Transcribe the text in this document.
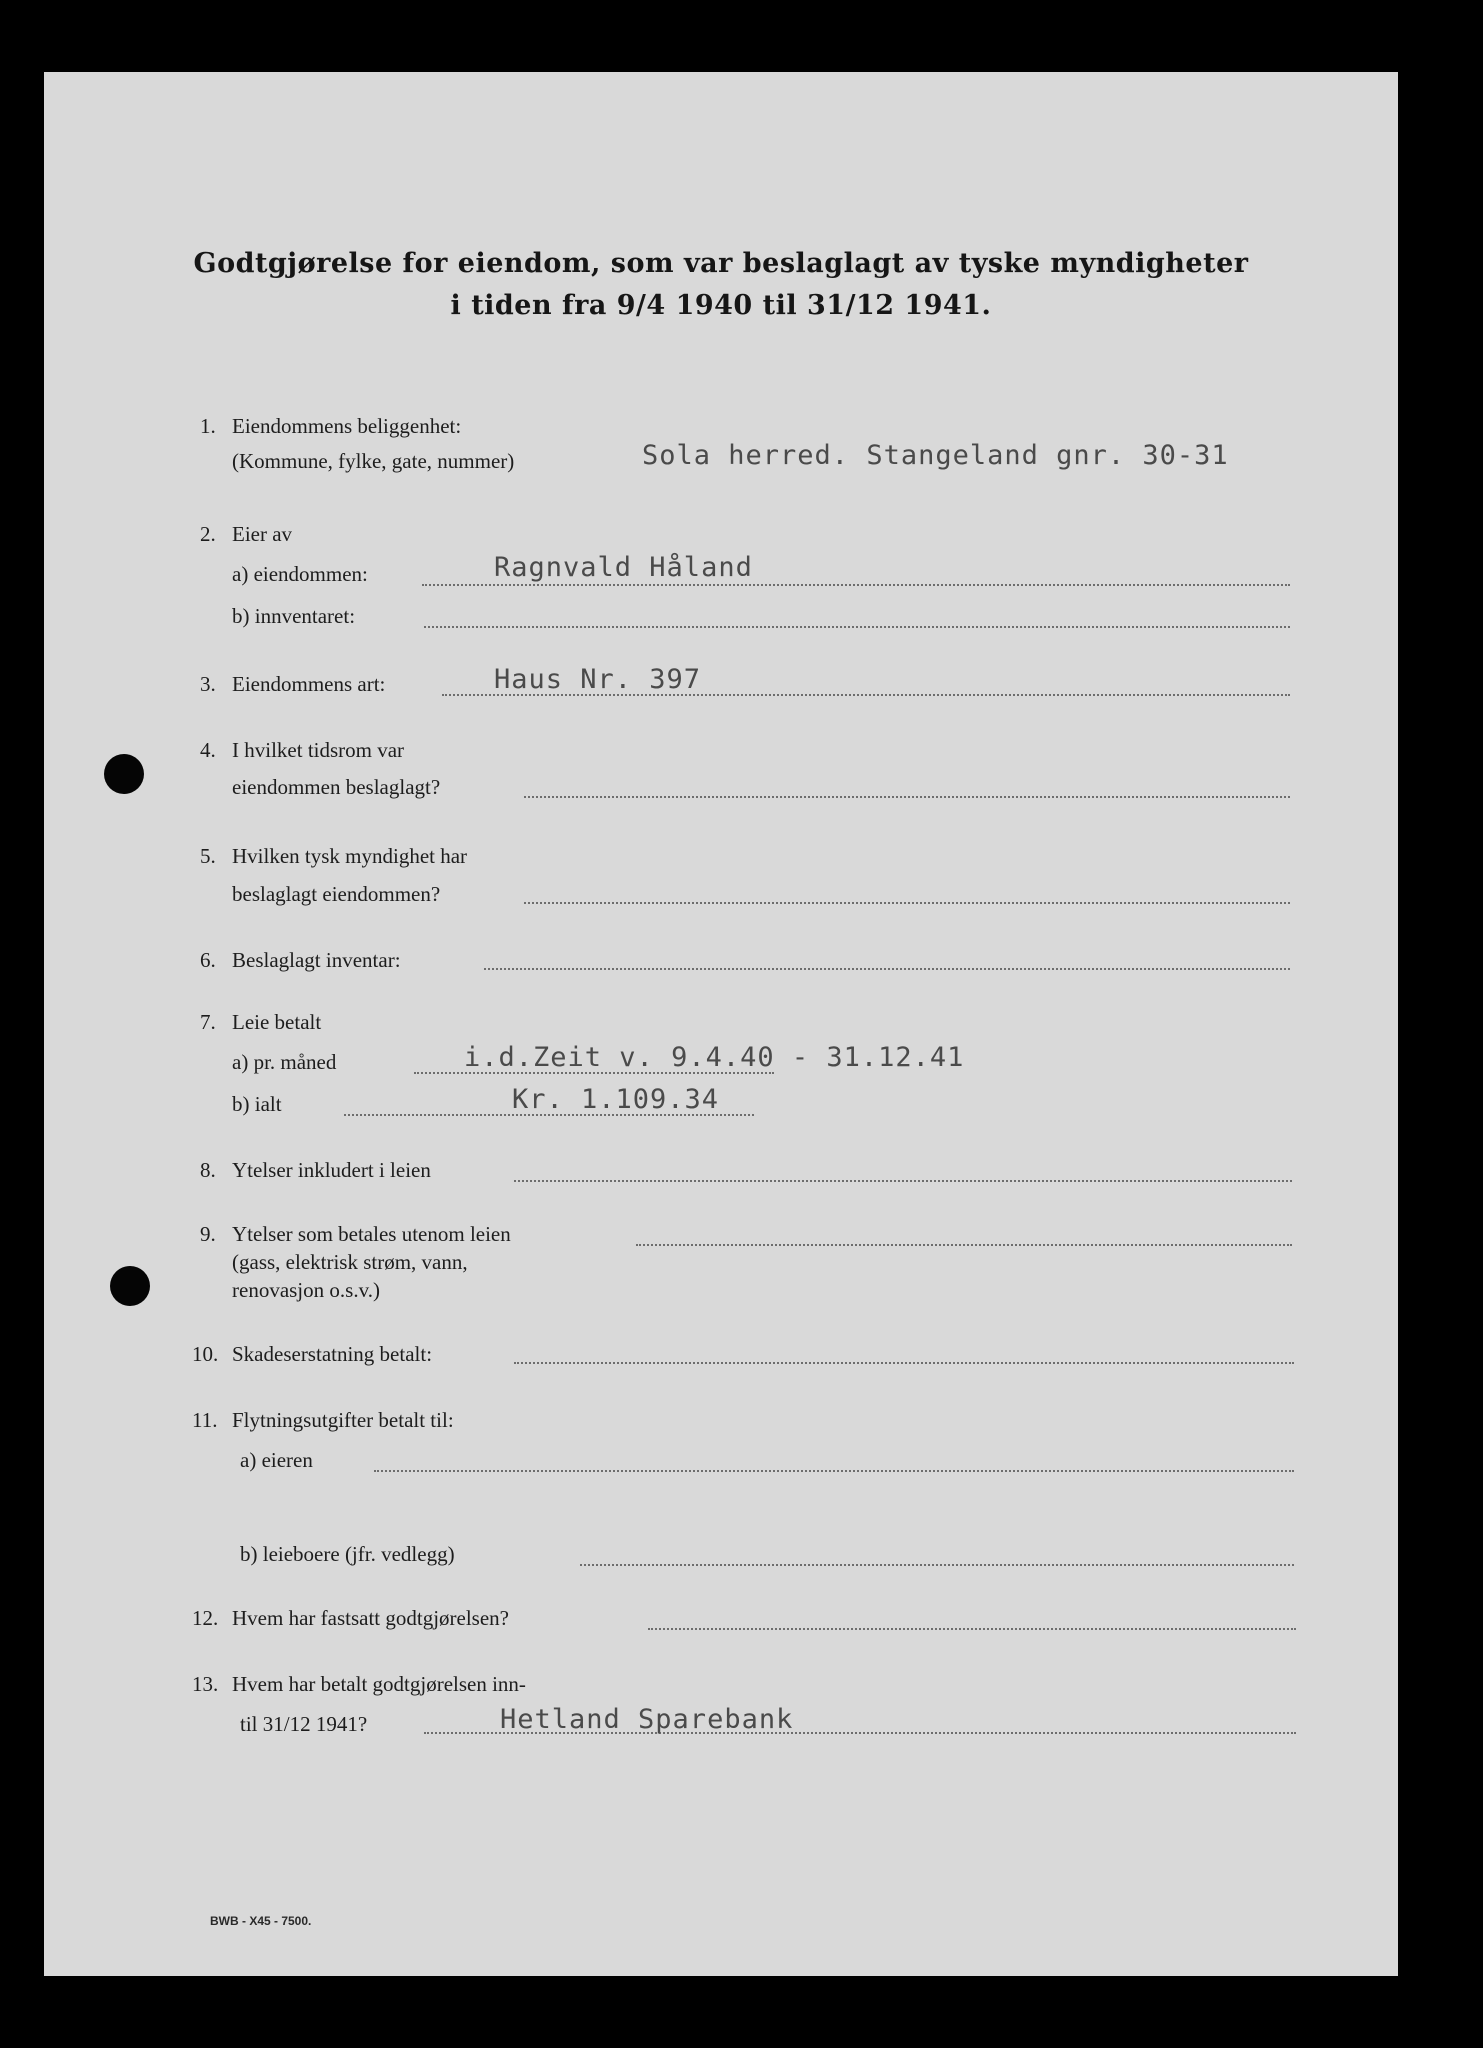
Godtgjørelse for eiendom, som var beslaglagt av tyske myndigheter
i tiden fra 9/4 1940 til 31/12 1941.
1. Eiendommens beliggenhet:
(Kommune, fylke, gate, nummer)	Sola herred. Stangeland gnr. 30-31
2. Eier av
a) eiendommen:	Ragnvald Håland
b) innventaret:
3. Eiendommens art:	Haus Nr. 397
4. I hvilket tidsrom var
eiendommen beslaglagt?
5. Hvilken tysk myndighet har
beslaglagt eiendommen?
6. Beslaglagt inventar:
7. Leie betalt
a) pr. måned	i.d.Zeit v. 9.4.40 - 31.12.41
b) ialt	Kr. 1.109.34
8. Ytelser inkludert i leien
9. Ytelser som betales utenom leien
(gass, elektrisk strøm, vann,
renovasjon o.s.v.)
10. Skadeserstatning betalt:
11. Flytningsutgifter betalt til:
a) eieren
b) leieboere (jfr. vedlegg)
12. Hvem har fastsatt godtgjørelsen?
13. Hvem har betalt godtgjørelsen inn-
til 31/12 1941?	Hetland Sparebank
BWB - X45 - 7500.
